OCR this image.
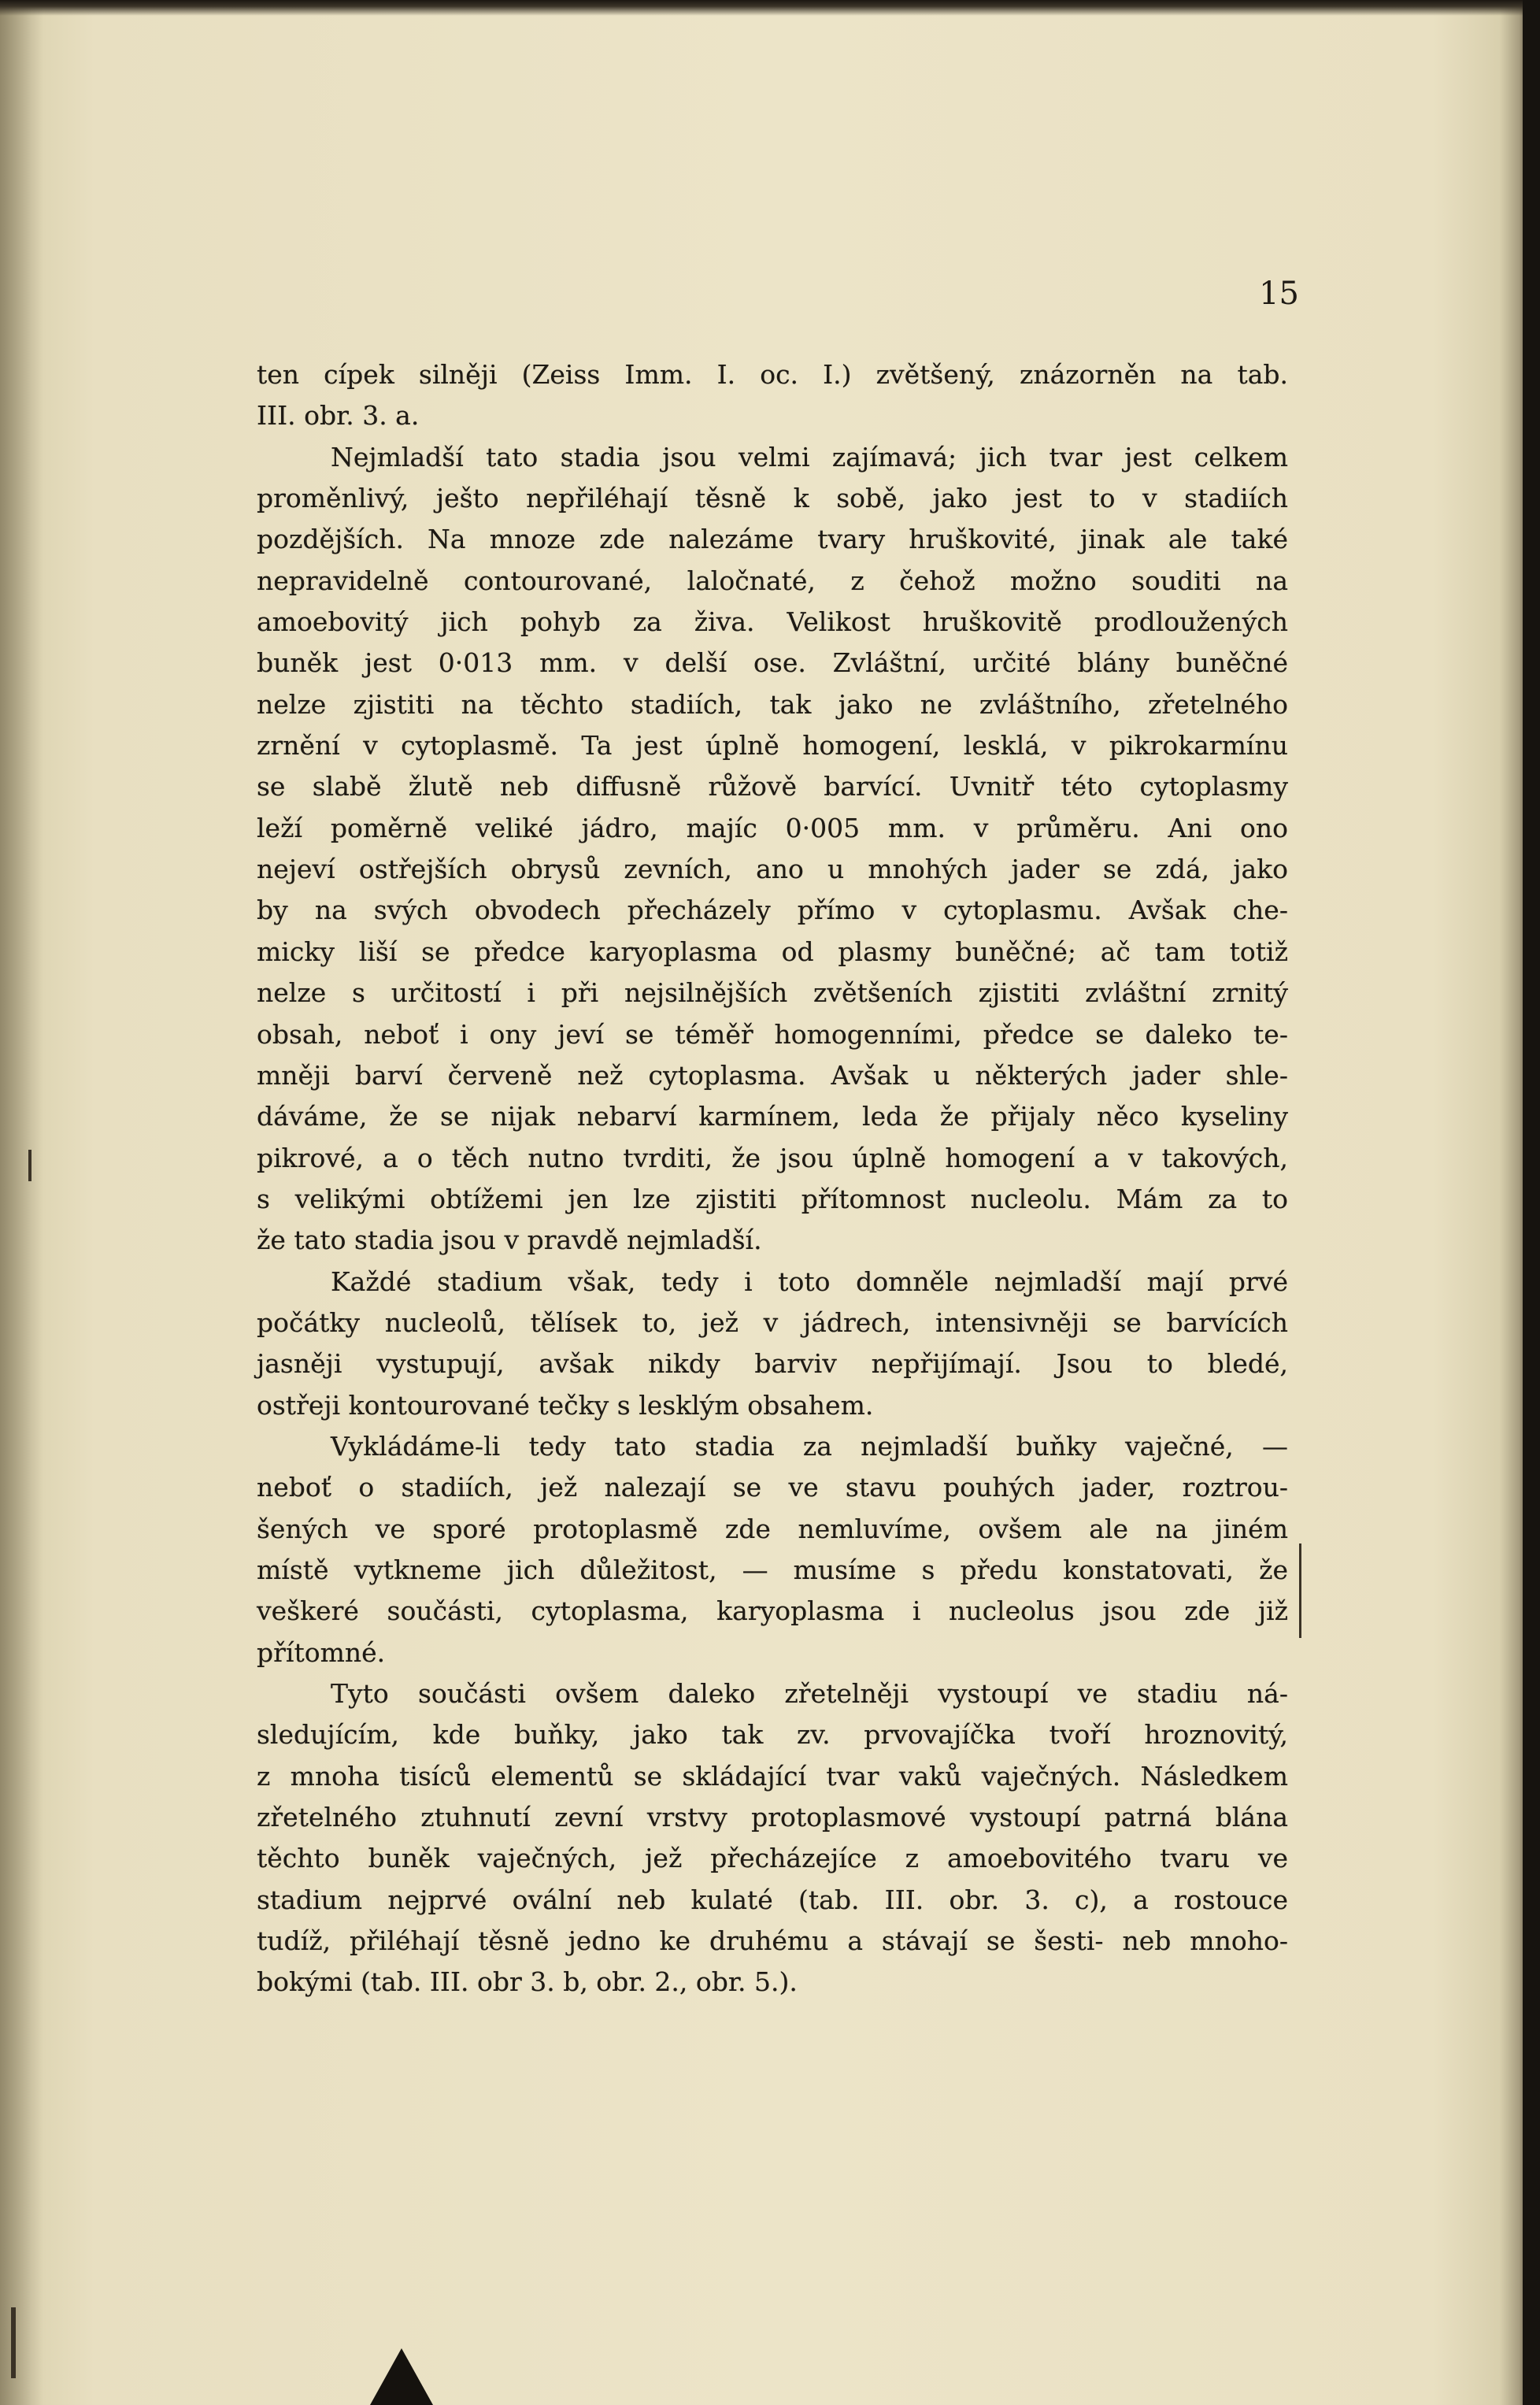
15
ten cípek silněji (Zeiss Imm. I. oc. I.) zvětšený, znázorněn na tab.
III. obr. 3. a.
Nejmladší tato stadia jsou velmi zajímavá; jich tvar jest celkem
proměnlivý, ješto nepřiléhají těsně k sobě, jako jest to v stadiích
pozdějších. Na mnoze zde nalezáme tvary hruškovité, jinak ale také
nepravidelně contourované, laločnaté, z čehož možno souditi na
amoebovitý jich pohyb za živa. Velikost hruškovitě prodloužených
buněk jest 0·013 mm. v delší ose. Zvláštní, určité blány buněčné
nelze zjistiti na těchto stadiích, tak jako ne zvláštního, zřetelného
zrnění v cytoplasmě. Ta jest úplně homogení, lesklá, v pikrokarmínu
se slabě žlutě neb diffusně růžově barvící. Uvnitř této cytoplasmy
leží poměrně veliké jádro, majíc 0·005 mm. v průměru. Ani ono
nejeví ostřejších obrysů zevních, ano u mnohých jader se zdá, jako
by na svých obvodech přecházely přímo v cytoplasmu. Avšak che-
micky liší se předce karyoplasma od plasmy buněčné; ač tam totiž
nelze s určitostí i při nejsilnějších zvětšeních zjistiti zvláštní zrnitý
obsah, neboť i ony jeví se téměř homogenními, předce se daleko te-
mněji barví červeně než cytoplasma. Avšak u některých jader shle-
dáváme, že se nijak nebarví karmínem, leda že přijaly něco kyseliny
pikrové, a o těch nutno tvrditi, že jsou úplně homogení a v takových,
s velikými obtížemi jen lze zjistiti přítomnost nucleolu. Mám za to
že tato stadia jsou v pravdě nejmladší.
Každé stadium však, tedy i toto domněle nejmladší mají prvé
počátky nucleolů, tělísek to, jež v jádrech, intensivněji se barvících
jasněji vystupují, avšak nikdy barviv nepřijímají. Jsou to bledé,
ostřeji kontourované tečky s lesklým obsahem.
Vykládáme-li tedy tato stadia za nejmladší buňky vaječné, —
neboť o stadiích, jež nalezají se ve stavu pouhých jader, roztrou-
šených ve sporé protoplasmě zde nemluvíme, ovšem ale na jiném
místě vytkneme jich důležitost, — musíme s předu konstatovati, že
veškeré součásti, cytoplasma, karyoplasma i nucleolus jsou zde již
přítomné.
Tyto součásti ovšem daleko zřetelněji vystoupí ve stadiu ná-
sledujícím, kde buňky, jako tak zv. prvovajíčka tvoří hroznovitý,
z mnoha tisíců elementů se skládající tvar vaků vaječných. Následkem
zřetelného ztuhnutí zevní vrstvy protoplasmové vystoupí patrná blána
těchto buněk vaječných, jež přecházejíce z amoebovitého tvaru ve
stadium nejprvé ovální neb kulaté (tab. III. obr. 3. c), a rostouce
tudíž, přiléhají těsně jedno ke druhému a stávají se šesti- neb mnoho-
bokými (tab. III. obr 3. b, obr. 2., obr. 5.).
